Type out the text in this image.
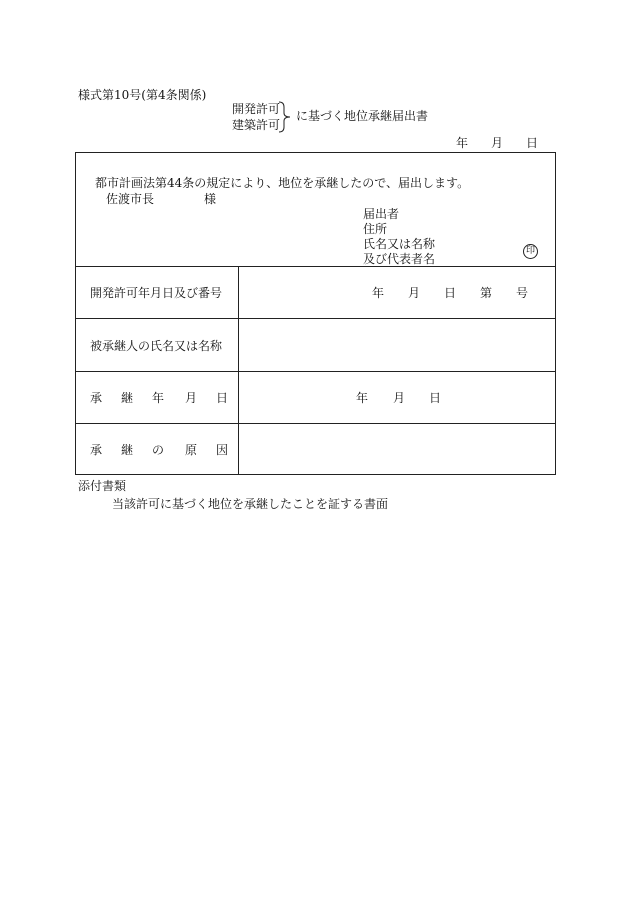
様式第10号(第4条関係)
開発許可
建築許可
に基づく地位承継届出書
年 月 日
都市計画法第44条の規定により、地位を承継したので、届出します。
佐渡市長	様
届出者
住所
氏名又は名称
及び代表者名
印
開発許可年月日及び番号	年 月 日 第 号
被承継人の氏名又は名称
承 継 年 月 日	年 月 日
承 継 の 原 因
添付書類
当該許可に基づく地位を承継したことを証する書面
